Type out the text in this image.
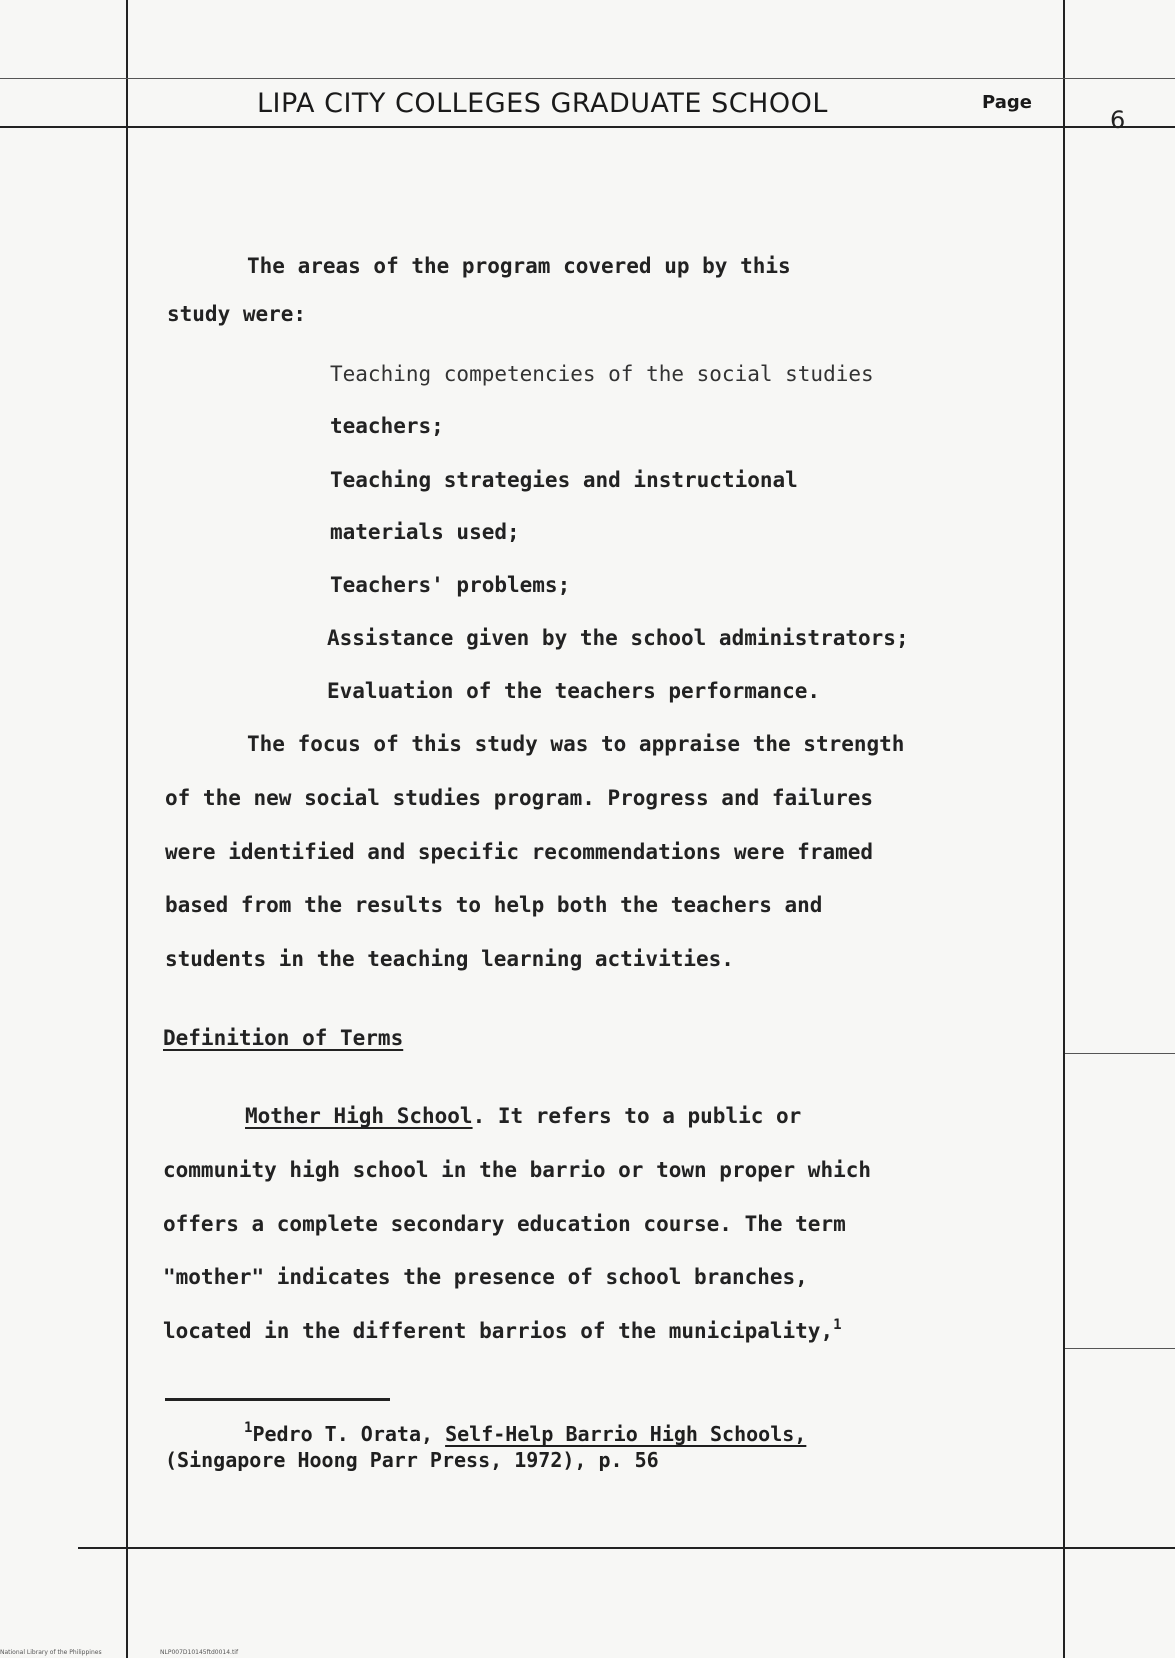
LIPA CITY COLLEGES GRADUATE SCHOOL	Page
6
The areas of the program covered up by this
study were:
Teaching competencies of the social studies
teachers;
Teaching strategies and instructional
materials used;
Teachers' problems;
Assistance given by the school administrators;
Evaluation of the teachers performance.
The focus of this study was to appraise the strength
of the new social studies program. Progress and failures
were identified and specific recommendations were framed
based from the results to help both the teachers and
students in the teaching learning activities.
Definition of Terms
Mother High School. It refers to a public or
community high school in the barrio or town proper which
offers a complete secondary education course. The term
"mother" indicates the presence of school branches,
located in the different barrios of the municipality,$^1$
$^1$Pedro T. Orata, Self-Help Barrio High Schools,
(Singapore Hoong Parr Press, 1972), p. 56
National Library of the Philippines	NLP007D10145ftd0014.tif
